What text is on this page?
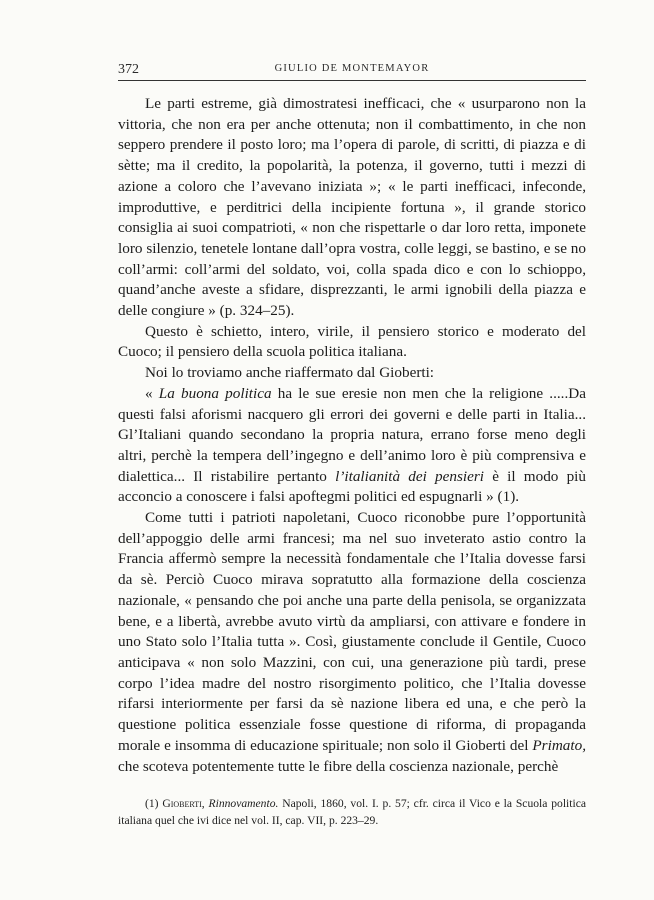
372	GIULIO DE MONTEMAYOR

Le parti estreme, già dimostratesi inefficaci, che « usurparono non la vittoria, che non era per anche ottenuta; non il combattimento, in che non seppero prendere il posto loro; ma l’opera di parole, di scritti, di piazza e di sètte; ma il credito, la popolarità, la potenza, il governo, tutti i mezzi di azione a coloro che l’avevano iniziata »; « le parti inefficaci, infeconde, improduttive, e perditrici della incipiente fortuna », il grande storico consiglia ai suoi compatrioti, « non che rispettarle o dar loro retta, imponete loro silenzio, tenetele lontane dall’opra vostra, colle leggi, se bastino, e se no coll’armi: coll’armi del soldato, voi, colla spada dico e con lo schioppo, quand’anche aveste a sfidare, disprezzanti, le armi ignobili della piazza e delle congiure » (p. 324–25).

Questo è schietto, intero, virile, il pensiero storico e moderato del Cuoco; il pensiero della scuola politica italiana.

Noi lo troviamo anche riaffermato dal Gioberti:

« La buona politica ha le sue eresie non men che la religione .....Da questi falsi aforismi nacquero gli errori dei governi e delle parti in Italia... Gl’Italiani quando secondano la propria natura, errano forse meno degli altri, perchè la tempera dell’ingegno e dell’animo loro è più comprensiva e dialettica... Il ristabilire pertanto l’italianità dei pensieri è il modo più acconcio a conoscere i falsi apoftegmi politici ed espugnarli » (1).

Come tutti i patrioti napoletani, Cuoco riconobbe pure l’opportunità dell’appoggio delle armi francesi; ma nel suo inveterato astio contro la Francia affermò sempre la necessità fondamentale che l’Italia dovesse farsi da sè. Perciò Cuoco mirava sopratutto alla formazione della coscienza nazionale, « pensando che poi anche una parte della penisola, se organizzata bene, e a libertà, avrebbe avuto virtù da ampliarsi, con attivare e fondere in uno Stato solo l’Italia tutta ». Così, giustamente conclude il Gentile, Cuoco anticipava « non solo Mazzini, con cui, una generazione più tardi, prese corpo l’idea madre del nostro risorgimento politico, che l’Italia dovesse rifarsi interiormente per farsi da sè nazione libera ed una, e che però la questione politica essenziale fosse questione di riforma, di propaganda morale e insomma di educazione spirituale; non solo il Gioberti del Primato, che scoteva potentemente tutte le fibre della coscienza nazionale, perchè

(1) Gioberti, Rinnovamento. Napoli, 1860, vol. I. p. 57; cfr. circa il Vico e la Scuola politica italiana quel che ivi dice nel vol. II, cap. VII, p. 223–29.
